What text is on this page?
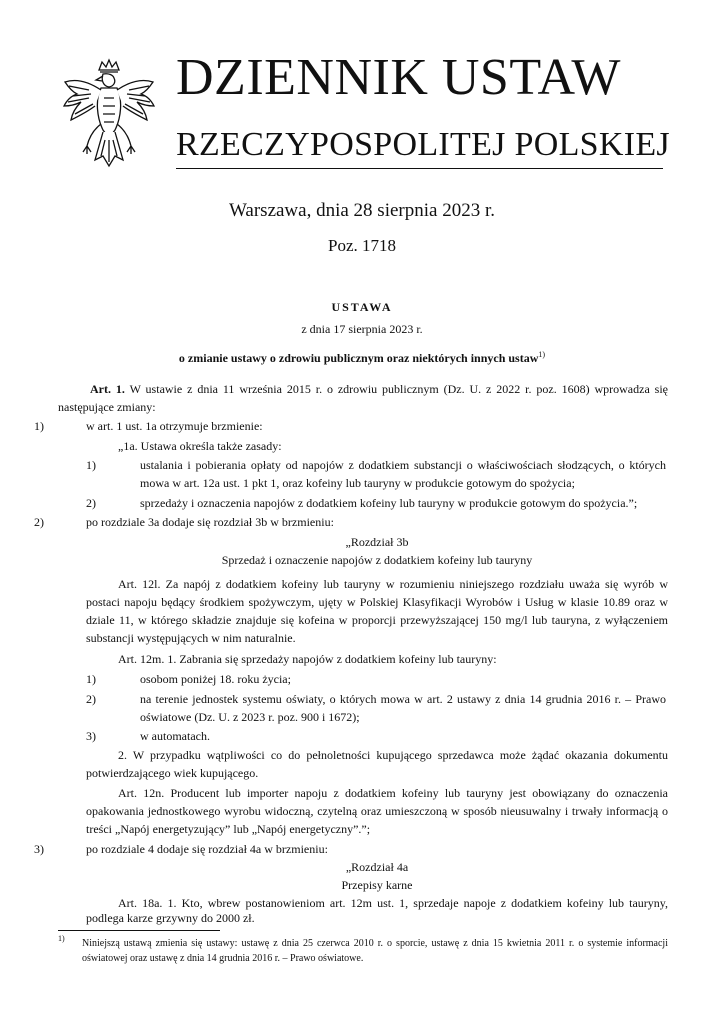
DZIENNIK USTAW
RZECZYPOSPOLITEJ POLSKIEJ
Warszawa, dnia 28 sierpnia 2023 r.
Poz. 1718
USTAWA
z dnia 17 sierpnia 2023 r.
o zmianie ustawy o zdrowiu publicznym oraz niektórych innych ustaw$^{1)}$
Art. 1. W ustawie z dnia 11 września 2015 r. o zdrowiu publicznym (Dz. U. z 2022 r. poz. 1608) wprowadza się następujące zmiany:
1)	w art. 1 ust. 1a otrzymuje brzmienie:
„1a. Ustawa określa także zasady:
1)	ustalania i pobierania opłaty od napojów z dodatkiem substancji o właściwościach słodzących, o których mowa w art. 12a ust. 1 pkt 1, oraz kofeiny lub tauryny w produkcie gotowym do spożycia;
2)	sprzedaży i oznaczenia napojów z dodatkiem kofeiny lub tauryny w produkcie gotowym do spożycia.”;
2)	po rozdziale 3a dodaje się rozdział 3b w brzmieniu:
„Rozdział 3b
Sprzedaż i oznaczenie napojów z dodatkiem kofeiny lub tauryny
Art. 12l. Za napój z dodatkiem kofeiny lub tauryny w rozumieniu niniejszego rozdziału uważa się wyrób w postaci napoju będący środkiem spożywczym, ujęty w Polskiej Klasyfikacji Wyrobów i Usług w klasie 10.89 oraz w dziale 11, w którego składzie znajduje się kofeina w proporcji przewyższającej 150 mg/l lub tauryna, z wyłączeniem substancji występujących w nim naturalnie.
Art. 12m. 1. Zabrania się sprzedaży napojów z dodatkiem kofeiny lub tauryny:
1)	osobom poniżej 18. roku życia;
2)	na terenie jednostek systemu oświaty, o których mowa w art. 2 ustawy z dnia 14 grudnia 2016 r. – Prawo oświatowe (Dz. U. z 2023 r. poz. 900 i 1672);
3)	w automatach.
2. W przypadku wątpliwości co do pełnoletności kupującego sprzedawca może żądać okazania dokumentu potwierdzającego wiek kupującego.
Art. 12n. Producent lub importer napoju z dodatkiem kofeiny lub tauryny jest obowiązany do oznaczenia opakowania jednostkowego wyrobu widoczną, czytelną oraz umieszczoną w sposób nieusuwalny i trwały informacją o treści „Napój energetyzujący” lub „Napój energetyczny”.”;
3)	po rozdziale 4 dodaje się rozdział 4a w brzmieniu:
„Rozdział 4a
Przepisy karne
Art. 18a. 1. Kto, wbrew postanowieniom art. 12m ust. 1, sprzedaje napoje z dodatkiem kofeiny lub tauryny, podlega karze grzywny do 2000 zł.
1) Niniejszą ustawą zmienia się ustawy: ustawę z dnia 25 czerwca 2010 r. o sporcie, ustawę z dnia 15 kwietnia 2011 r. o systemie informacji oświatowej oraz ustawę z dnia 14 grudnia 2016 r. – Prawo oświatowe.
